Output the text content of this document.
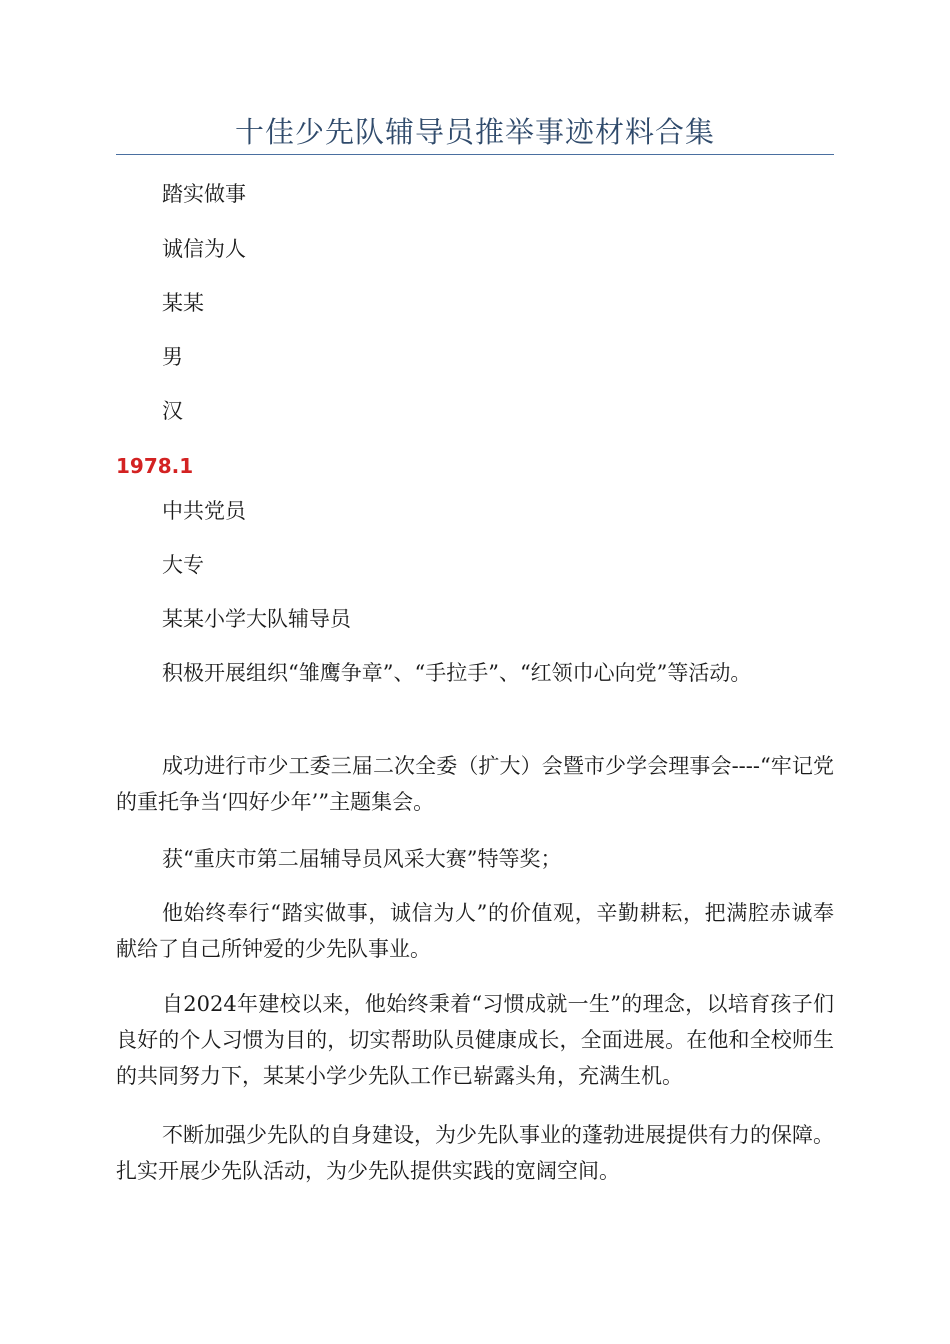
十佳少先队辅导员推举事迹材料合集
踏实做事
诚信为人
某某
男
汉
1978.1
中共党员
大专
某某小学大队辅导员
积极开展组织“雏鹰争章”、“手拉手”、“红领巾心向党”等活动。
成功进行市少工委三届二次全委（扩大）会暨市少学会理事会----“牢记党的重托争当‘四好少年’”主题集会。
获“重庆市第二届辅导员风采大赛”特等奖；
他始终奉行“踏实做事，诚信为人”的价值观，辛勤耕耘，把满腔赤诚奉献给了自己所钟爱的少先队事业。
自2024年建校以来，他始终秉着“习惯成就一生”的理念，以培育孩子们良好的个人习惯为目的，切实帮助队员健康成长，全面进展。在他和全校师生的共同努力下，某某小学少先队工作已崭露头角，充满生机。
不断加强少先队的自身建设，为少先队事业的蓬勃进展提供有力的保障。扎实开展少先队活动，为少先队提供实践的宽阔空间。
